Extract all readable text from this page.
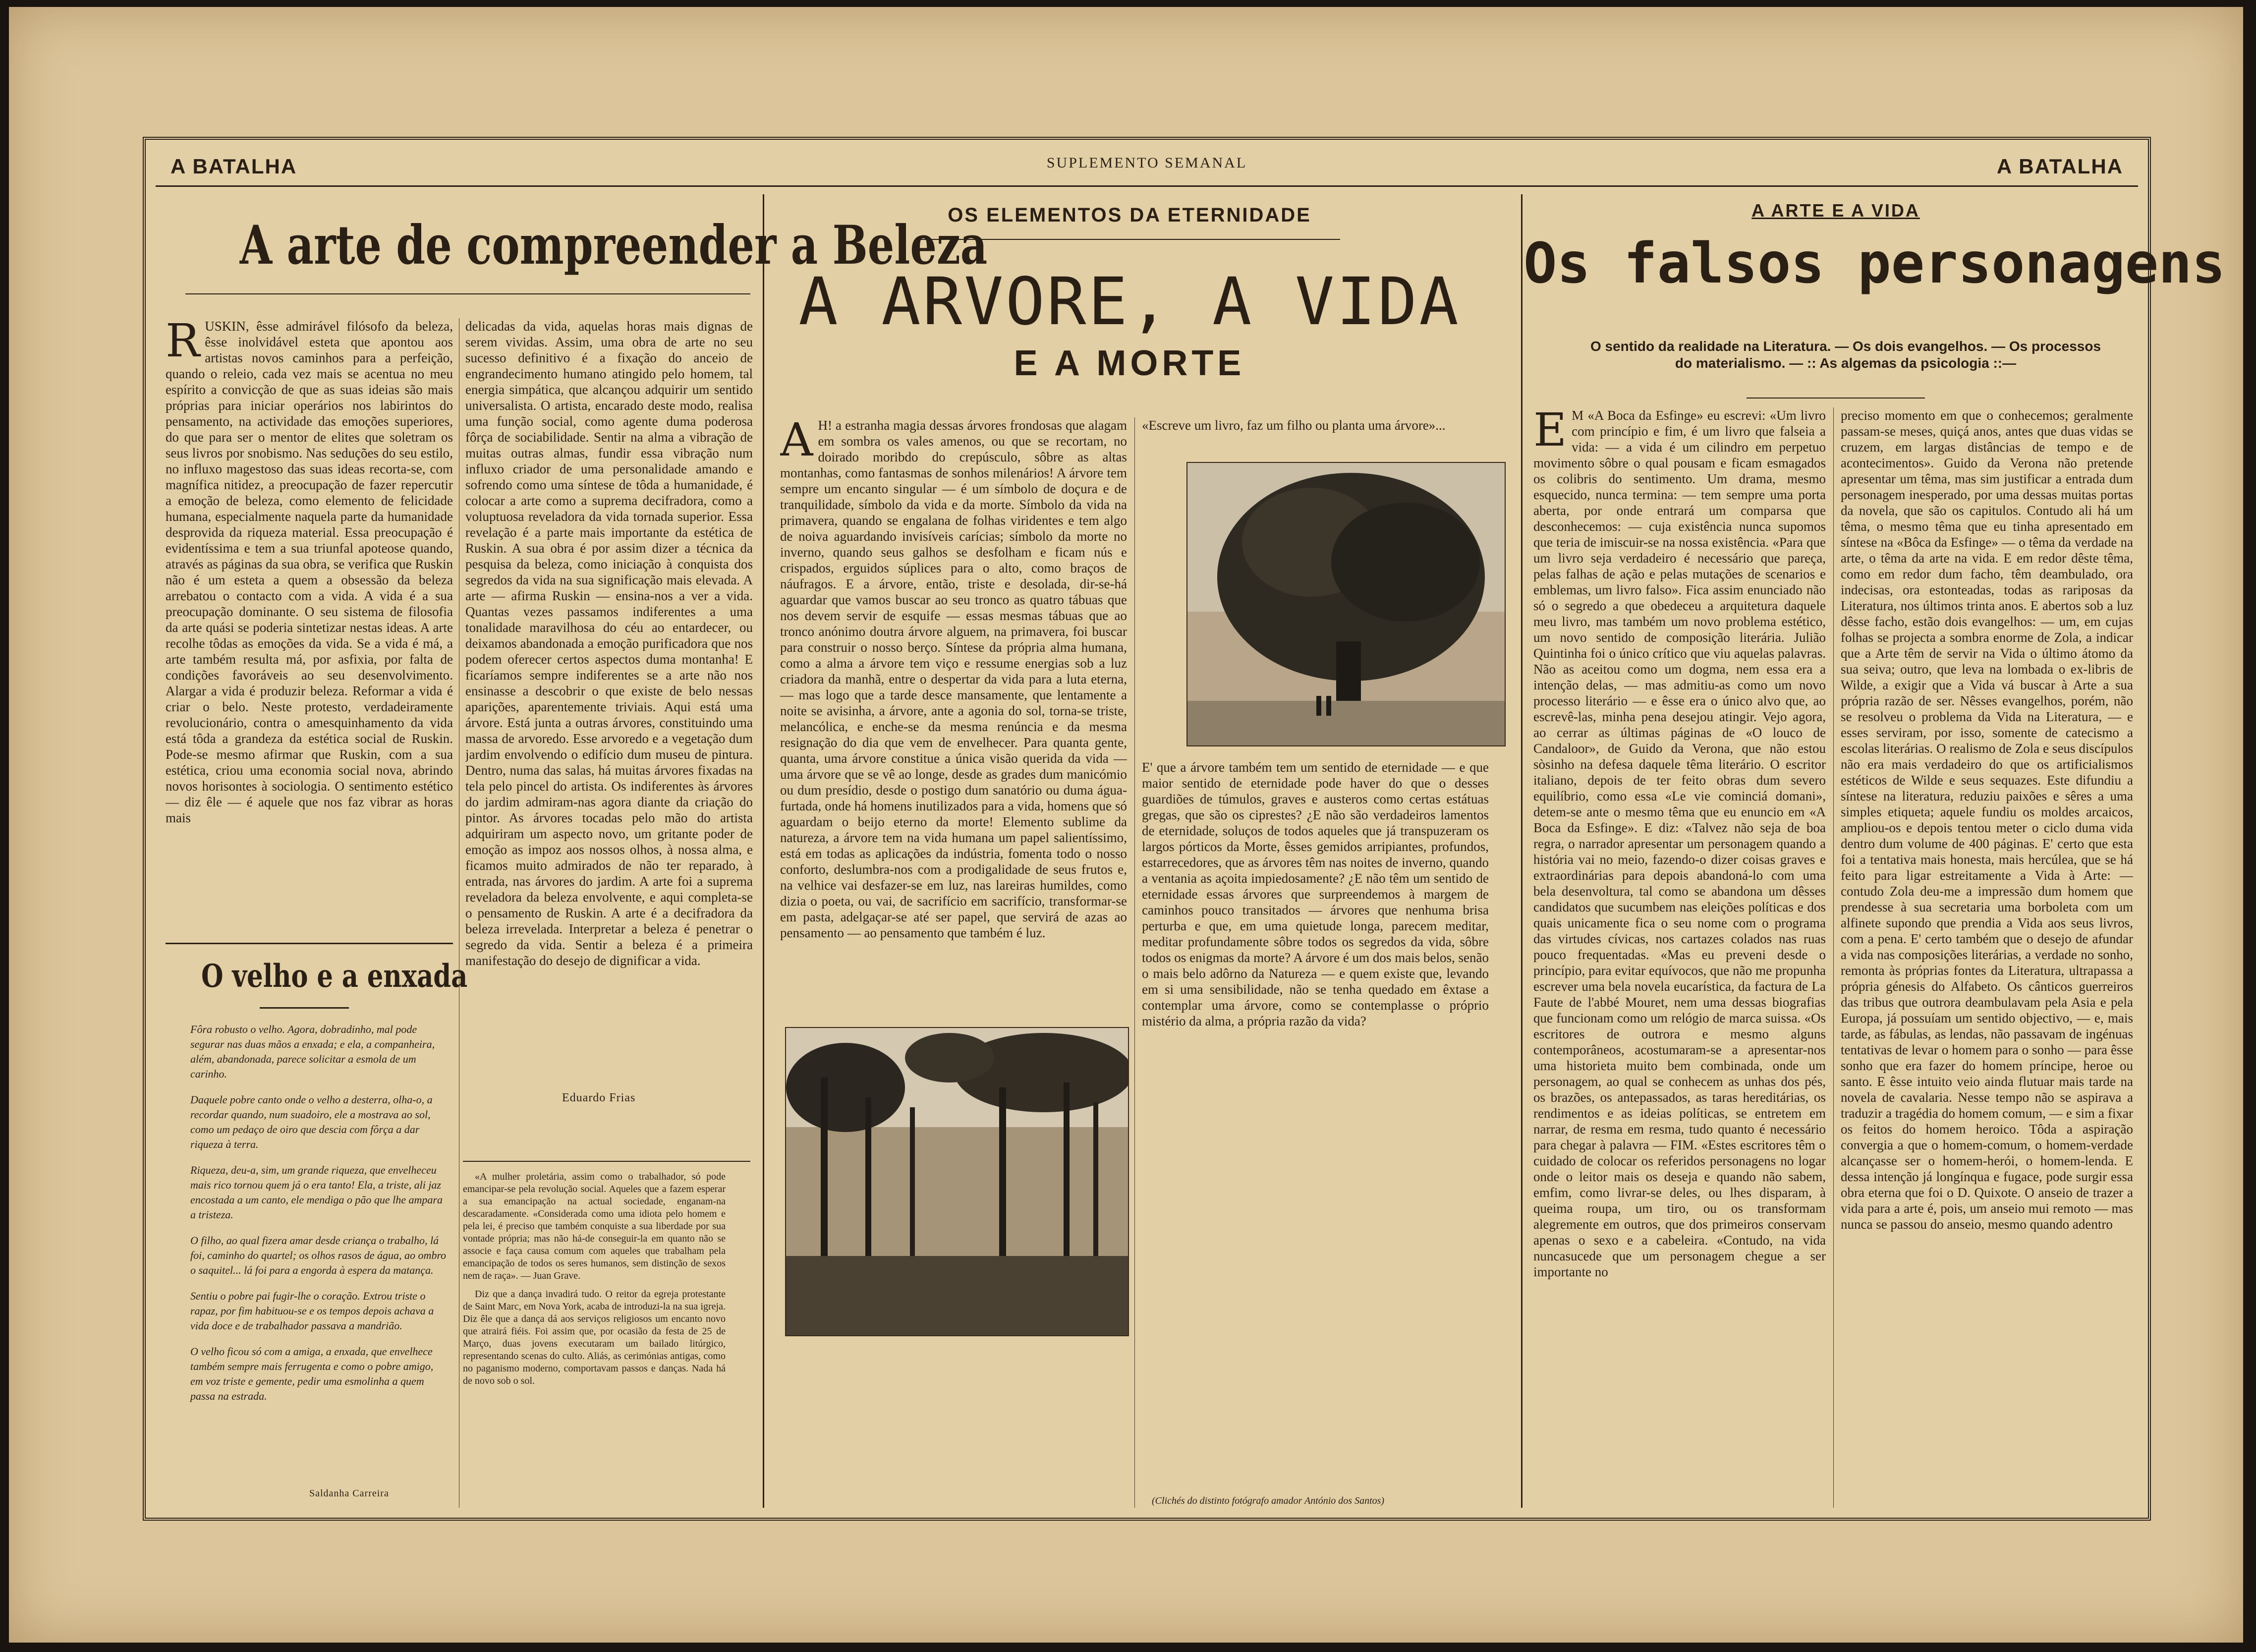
A BATALHA	SUPLEMENTO SEMANAL	A BATALHA
A arte de compreender a Beleza
R USKIN, êsse admirável filósofo da beleza, êsse inolvidável esteta que apontou aos artistas novos caminhos para a perfeição, quando o releio, cada vez mais se acentua no meu espírito a convicção de que as suas ideias são mais próprias para iniciar operários nos labirintos do pensamento, na actividade das emoções superiores, do que para ser o mentor de elites que soletram os seus livros por snobismo. Nas seduções do seu estilo, no influxo magestoso das suas ideas recorta-se, com magnífica nitidez, a preocupação de fazer repercutir a emoção de beleza, como elemento de felicidade humana, especialmente naquela parte da humanidade desprovida da riqueza material. Essa preocupação é evidentíssima e tem a sua triunfal apoteose quando, através as páginas da sua obra, se verifica que Ruskin não é um esteta a quem a obsessão da beleza arrebatou o contacto com a vida. A vida é a sua preocupação dominante. O seu sistema de filosofia da arte quási se poderia sintetizar nestas ideas. A arte recolhe tôdas as emoções da vida. Se a vida é má, a arte também resulta má, por asfixia, por falta de condições favoráveis ao seu desenvolvimento. Alargar a vida é produzir beleza. Reformar a vida é criar o belo. Neste protesto, verdadeiramente revolucionário, contra o amesquinhamento da vida está tôda a grandeza da estética social de Ruskin. Pode-se mesmo afirmar que Ruskin, com a sua estética, criou uma economia social nova, abrindo novos horisontes à sociologia. O sentimento estético — diz êle — é aquele que nos faz vibrar as horas mais
delicadas da vida, aquelas horas mais dignas de serem vividas. Assim, uma obra de arte no seu sucesso definitivo é a fixação do anceio de engrandecimento humano atingido pelo homem, tal energia simpática, que alcançou adquirir um sentido universalista. O artista, encarado deste modo, realisa uma função social, como agente duma poderosa fôrça de sociabilidade. Sentir na alma a vibração de muitas outras almas, fundir essa vibração num influxo criador de uma personalidade amando e sofrendo como uma síntese de tôda a humanidade, é colocar a arte como a suprema decifradora, como a voluptuosa reveladora da vida tornada superior. Essa revelação é a parte mais importante da estética de Ruskin. A sua obra é por assim dizer a técnica da pesquisa da beleza, como iniciação à conquista dos segredos da vida na sua significação mais elevada. A arte — afirma Ruskin — ensina-nos a ver a vida. Quantas vezes passamos indiferentes a uma tonalidade maravilhosa do céu ao entardecer, ou deixamos abandonada a emoção purificadora que nos podem oferecer certos aspectos duma montanha! E ficaríamos sempre indiferentes se a arte não nos ensinasse a descobrir o que existe de belo nessas aparições, aparentemente triviais. Aqui está uma árvore. Está junta a outras árvores, constituindo uma massa de arvoredo. Esse arvoredo e a vegetação dum jardim envolvendo o edifício dum museu de pintura. Dentro, numa das salas, há muitas árvores fixadas na tela pelo pincel do artista. Os indiferentes às árvores do jardim admiram-nas agora diante da criação do pintor. As árvores tocadas pelo mão do artista adquiriram um aspecto novo, um gritante poder de emoção as impoz aos nossos olhos, à nossa alma, e ficamos muito admirados de não ter reparado, à entrada, nas árvores do jardim. A arte foi a suprema reveladora da beleza envolvente, e aqui completa-se o pensamento de Ruskin. A arte é a decifradora da beleza irrevelada. Interpretar a beleza é penetrar o segredo da vida. Sentir a beleza é a primeira manifestação do desejo de dignificar a vida.
Eduardo Frias
O velho e a enxada
Fôra robusto o velho. Agora, dobradinho, mal pode segurar nas duas mãos a enxada; e ela, a companheira, além, abandonada, parece solicitar a esmola de um carinho.
Daquele pobre canto onde o velho a desterra, olha-o, a recordar quando, num suadoiro, ele a mostrava ao sol, como um pedaço de oiro que descia com fôrça a dar riqueza à terra.
Riqueza, deu-a, sim, um grande riqueza, que envelheceu mais rico tornou quem já o era tanto! Ela, a triste, ali jaz encostada a um canto, ele mendiga o pão que lhe ampara a tristeza.
O filho, ao qual fizera amar desde criança o trabalho, lá foi, caminho do quartel; os olhos rasos de água, ao ombro o saquitel... lá foi para a engorda à espera da matança.
Sentiu o pobre pai fugir-lhe o coração. Extrou triste o rapaz, por fim habituou-se e os tempos depois achava a vida doce e de trabalhador passava a mandrião.
O velho ficou só com a amiga, a enxada, que envelhece também sempre mais ferrugenta e como o pobre amigo, em voz triste e gemente, pedir uma esmolinha a quem passa na estrada.
Saldanha Carreira

«A mulher proletária, assim como o trabalhador, só pode emancipar-se pela revolução social. Aqueles que a fazem esperar a sua emancipação na actual sociedade, enganam-na descaradamente. «Considerada como uma idiota pelo homem e pela lei, é preciso que também conquiste a sua liberdade por sua vontade própria; mas não há-de conseguir-la em quanto não se associe e faça causa comum com aqueles que trabalham pela emancipação de todos os seres humanos, sem distinção de sexos nem de raça». — Juan Grave.

Diz que a dança invadirá tudo. O reitor da egreja protestante de Saint Marc, em Nova York, acaba de introduzi-la na sua igreja. Diz êle que a dança dá aos serviços religiosos um encanto novo que atrairá fiéis. Foi assim que, por ocasião da festa de 25 de Março, duas jovens executaram um bailado litúrgico, representando scenas do culto. Aliás, as cerimónias antigas, como no paganismo moderno, comportavam passos e danças. Nada há de novo sob o sol.

OS ELEMENTOS DA ETERNIDADE
A ARVORE, A VIDA
E A MORTE
A H! a estranha magia dessas árvores frondosas que alagam em sombra os vales amenos, ou que se recortam, no doirado moribdo do crepúsculo, sôbre as altas montanhas, como fantasmas de sonhos milenários! A árvore tem sempre um encanto singular — é um símbolo de doçura e de tranquilidade, símbolo da vida e da morte. Símbolo da vida na primavera, quando se engalana de folhas viridentes e tem algo de noiva aguardando invisíveis carícias; símbolo da morte no inverno, quando seus galhos se desfolham e ficam nús e crispados, erguidos súplices para o alto, como braços de náufragos. E a árvore, então, triste e desolada, dir-se-há aguardar que vamos buscar ao seu tronco as quatro tábuas que nos devem servir de esquife — essas mesmas tábuas que ao tronco anónimo doutra árvore alguem, na primavera, foi buscar para construir o nosso berço. Síntese da própria alma humana, como a alma a árvore tem viço e ressume energias sob a luz criadora da manhã, entre o despertar da vida para a luta eterna, — mas logo que a tarde desce mansamente, que lentamente a noite se avisinha, a árvore, ante a agonia do sol, torna-se triste, melancólica, e enche-se da mesma renúncia e da mesma resignação do dia que vem de envelhecer. Para quanta gente, quanta, uma árvore constitue a única visão querida da vida — uma árvore que se vê ao longe, desde as grades dum manicómio ou dum presídio, desde o postigo dum sanatório ou duma água-furtada, onde há homens inutilizados para a vida, homens que só aguardam o beijo eterno da morte! Elemento sublime da natureza, a árvore tem na vida humana um papel salientíssimo, está em todas as aplicações da indústria, fomenta todo o nosso conforto, deslumbra-nos com a prodigalidade de seus frutos e, na velhice vai desfazer-se em luz, nas lareiras humildes, como dizia o poeta, ou vai, de sacrifício em sacrifício, transformar-se em pasta, adelgaçar-se até ser papel, que servirá de azas ao pensamento — ao pensamento que também é luz.
«Escreve um livro, faz um filho ou planta uma árvore»...
E' que a árvore também tem um sentido de eternidade — e que maior sentido de eternidade pode haver do que o desses guardiões de túmulos, graves e austeros como certas estátuas gregas, que são os ciprestes? ¿E não são verdadeiros lamentos de eternidade, soluços de todos aqueles que já transpuzeram os largos pórticos da Morte, êsses gemidos arripiantes, profundos, estarrecedores, que as árvores têm nas noites de inverno, quando a ventania as açoita impiedosamente? ¿E não têm um sentido de eternidade essas árvores que surpreendemos à margem de caminhos pouco transitados — árvores que nenhuma brisa perturba e que, em uma quietude longa, parecem meditar, meditar profundamente sôbre todos os segredos da vida, sôbre todos os enigmas da morte? A árvore é um dos mais belos, senão o mais belo adôrno da Natureza — e quem existe que, levando em si uma sensibilidade, não se tenha quedado em êxtase a contemplar uma árvore, como se contemplasse o próprio mistério da alma, a própria razão da vida?
(Clichés do distinto fotógrafo amador António dos Santos)
A ARTE E A VIDA
Os falsos personagens
O sentido da realidade na Literatura. — Os dois evangelhos. — Os processos do materialismo. — :: As algemas da psicologia ::—
E M «A Boca da Esfinge» eu escrevi: «Um livro com princípio e fim, é um livro que falseia a vida: — a vida é um cilindro em perpetuo movimento sôbre o qual pousam e ficam esmagados os colibris do sentimento. Um drama, mesmo esquecido, nunca termina: — tem sempre uma porta aberta, por onde entrará um comparsa que desconhecemos: — cuja existência nunca supomos que teria de imiscuir-se na nossa existência. «Para que um livro seja verdadeiro é necessário que pareça, pelas falhas de ação e pelas mutações de scenarios e emblemas, um livro falso». Fica assim enunciado não só o segredo a que obedeceu a arquitetura daquele meu livro, mas também um novo problema estético, um novo sentido de composição literária. Julião Quintinha foi o único crítico que viu aquelas palavras. Não as aceitou como um dogma, nem essa era a intenção delas, — mas admitiu-as como um novo processo literário — e êsse era o único alvo que, ao escrevê-las, minha pena desejou atingir. Vejo agora, ao cerrar as últimas páginas de «O louco de Candaloor», de Guido da Verona, que não estou sòsinho na defesa daquele têma literário. O escritor italiano, depois de ter feito obras dum severo equilíbrio, como essa «Le vie cominciá domani», detem-se ante o mesmo têma que eu enuncio em «A Boca da Esfinge». E diz: «Talvez não seja de boa regra, o narrador apresentar um personagem quando a história vai no meio, fazendo-o dizer coisas graves e extraordinárias para depois abandoná-lo com uma bela desenvoltura, tal como se abandona um dêsses candidatos que sucumbem nas eleições políticas e dos quais unicamente fica o seu nome com o programa das virtudes cívicas, nos cartazes colados nas ruas pouco frequentadas. «Mas eu preveni desde o princípio, para evitar equívocos, que não me propunha escrever uma bela novela eucarística, da factura de La Faute de l'abbé Mouret, nem uma dessas biografias que funcionam como um relógio de marca suissa. «Os escritores de outrora e mesmo alguns contemporâneos, acostumaram-se a apresentar-nos uma historieta muito bem combinada, onde um personagem, ao qual se conhecem as unhas dos pés, os brazões, os antepassados, as taras hereditárias, os rendimentos e as ideias políticas, se entretem em narrar, de resma em resma, tudo quanto é necessário para chegar à palavra — FIM. «Estes escritores têm o cuidado de colocar os referidos personagens no logar onde o leitor mais os deseja e quando não sabem, emfim, como livrar-se deles, ou lhes disparam, à queima roupa, um tiro, ou os transformam alegremente em outros, que dos primeiros conservam apenas o sexo e a cabeleira. «Contudo, na vida nuncasucede que um personagem chegue a ser importante no
preciso momento em que o conhecemos; geralmente passam-se meses, quiçá anos, antes que duas vidas se cruzem, em largas distâncias de tempo e de acontecimentos». Guido da Verona não pretende apresentar um têma, mas sim justificar a entrada dum personagem inesperado, por uma dessas muitas portas da novela, que são os capitulos. Contudo ali há um têma, o mesmo têma que eu tinha apresentado em síntese na «Bôca da Esfinge» — o têma da verdade na arte, o têma da arte na vida. E em redor dêste têma, como em redor dum facho, têm deambulado, ora indecisas, ora estonteadas, todas as rariposas da Literatura, nos últimos trinta anos. E abertos sob a luz dêsse facho, estão dois evangelhos: — um, em cujas folhas se projecta a sombra enorme de Zola, a indicar que a Arte têm de servir na Vida o último átomo da sua seiva; outro, que leva na lombada o ex-libris de Wilde, a exigir que a Vida vá buscar à Arte a sua própria razão de ser. Nêsses evangelhos, porém, não se resolveu o problema da Vida na Literatura, — e esses serviram, por isso, somente de catecismo a escolas literárias. O realismo de Zola e seus discípulos não era mais verdadeiro do que os artificialismos estéticos de Wilde e seus sequazes. Este difundiu a síntese na literatura, reduziu paixões e sêres a uma simples etiqueta; aquele fundiu os moldes arcaicos, ampliou-os e depois tentou meter o ciclo duma vida dentro dum volume de 400 páginas. E' certo que esta foi a tentativa mais honesta, mais hercúlea, que se há feito para ligar estreitamente a Vida à Arte: — contudo Zola deu-me a impressão dum homem que prendesse à sua secretaria uma borboleta com um alfinete supondo que prendia a Vida aos seus livros, com a pena. E' certo também que o desejo de afundar a vida nas composições literárias, a verdade no sonho, remonta às próprias fontes da Literatura, ultrapassa a própria génesis do Alfabeto. Os cânticos guerreiros das tribus que outrora deambulavam pela Asia e pela Europa, já possuíam um sentido objectivo, — e, mais tarde, as fábulas, as lendas, não passavam de ingénuas tentativas de levar o homem para o sonho — para êsse sonho que era fazer do homem príncipe, heroe ou santo. E êsse intuito veio ainda flutuar mais tarde na novela de cavalaria. Nesse tempo não se aspirava a traduzir a tragédia do homem comum, — e sim a fixar os feitos do homem heroico. Tôda a aspiração convergia a que o homem-comum, o homem-verdade alcançasse ser o homem-herói, o homem-lenda. E dessa intenção já longínqua e fugace, pode surgir essa obra eterna que foi o D. Quixote. O anseio de trazer a vida para a arte é, pois, um anseio mui remoto — mas nunca se passou do anseio, mesmo quando adentro
